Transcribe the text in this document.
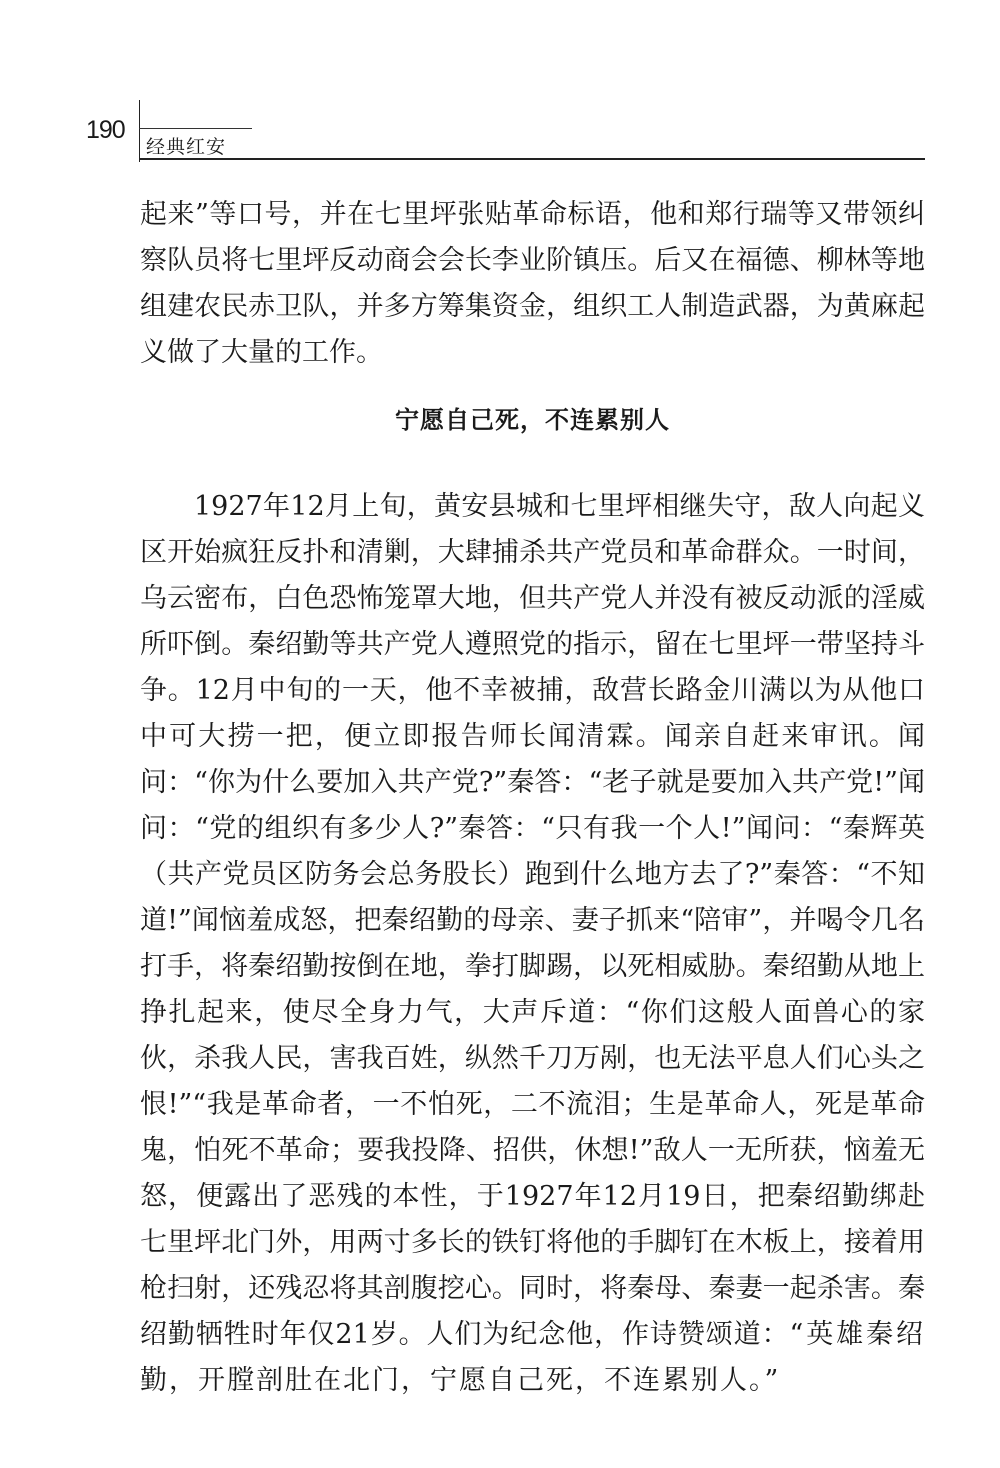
190
经典红安

起来”等口号，并在七里坪张贴革命标语，他和郑行瑞等又带领纠察队员将七里坪反动商会会长李业阶镇压。后又在福德、柳林等地组建农民赤卫队，并多方筹集资金，组织工人制造武器，为黄麻起义做了大量的工作。

宁愿自己死，不连累别人

1927年12月上旬，黄安县城和七里坪相继失守，敌人向起义区开始疯狂反扑和清剿，大肆捕杀共产党员和革命群众。一时间，乌云密布，白色恐怖笼罩大地，但共产党人并没有被反动派的淫威所吓倒。秦绍勤等共产党人遵照党的指示，留在七里坪一带坚持斗争。12月中旬的一天，他不幸被捕，敌营长路金川满以为从他口中可大捞一把，便立即报告师长闻清霖。闻亲自赶来审讯。闻问：“你为什么要加入共产党?”秦答：“老子就是要加入共产党!”闻问：“党的组织有多少人?”秦答：“只有我一个人!”闻问：“秦辉英（共产党员区防务会总务股长）跑到什么地方去了?”秦答：“不知道!”闻恼羞成怒，把秦绍勤的母亲、妻子抓来“陪审”，并喝令几名打手，将秦绍勤按倒在地，拳打脚踢，以死相威胁。秦绍勤从地上挣扎起来，使尽全身力气，大声斥道：“你们这般人面兽心的家伙，杀我人民，害我百姓，纵然千刀万剐，也无法平息人们心头之恨!”“我是革命者，一不怕死，二不流泪；生是革命人，死是革命鬼，怕死不革命；要我投降、招供，休想!”敌人一无所获，恼羞无怒，便露出了恶残的本性，于1927年12月19日，把秦绍勤绑赴七里坪北门外，用两寸多长的铁钉将他的手脚钉在木板上，接着用枪扫射，还残忍将其剖腹挖心。同时，将秦母、秦妻一起杀害。秦绍勤牺牲时年仅21岁。人们为纪念他，作诗赞颂道：“英雄秦绍勤，开膛剖肚在北门，宁愿自己死，不连累别人。”
